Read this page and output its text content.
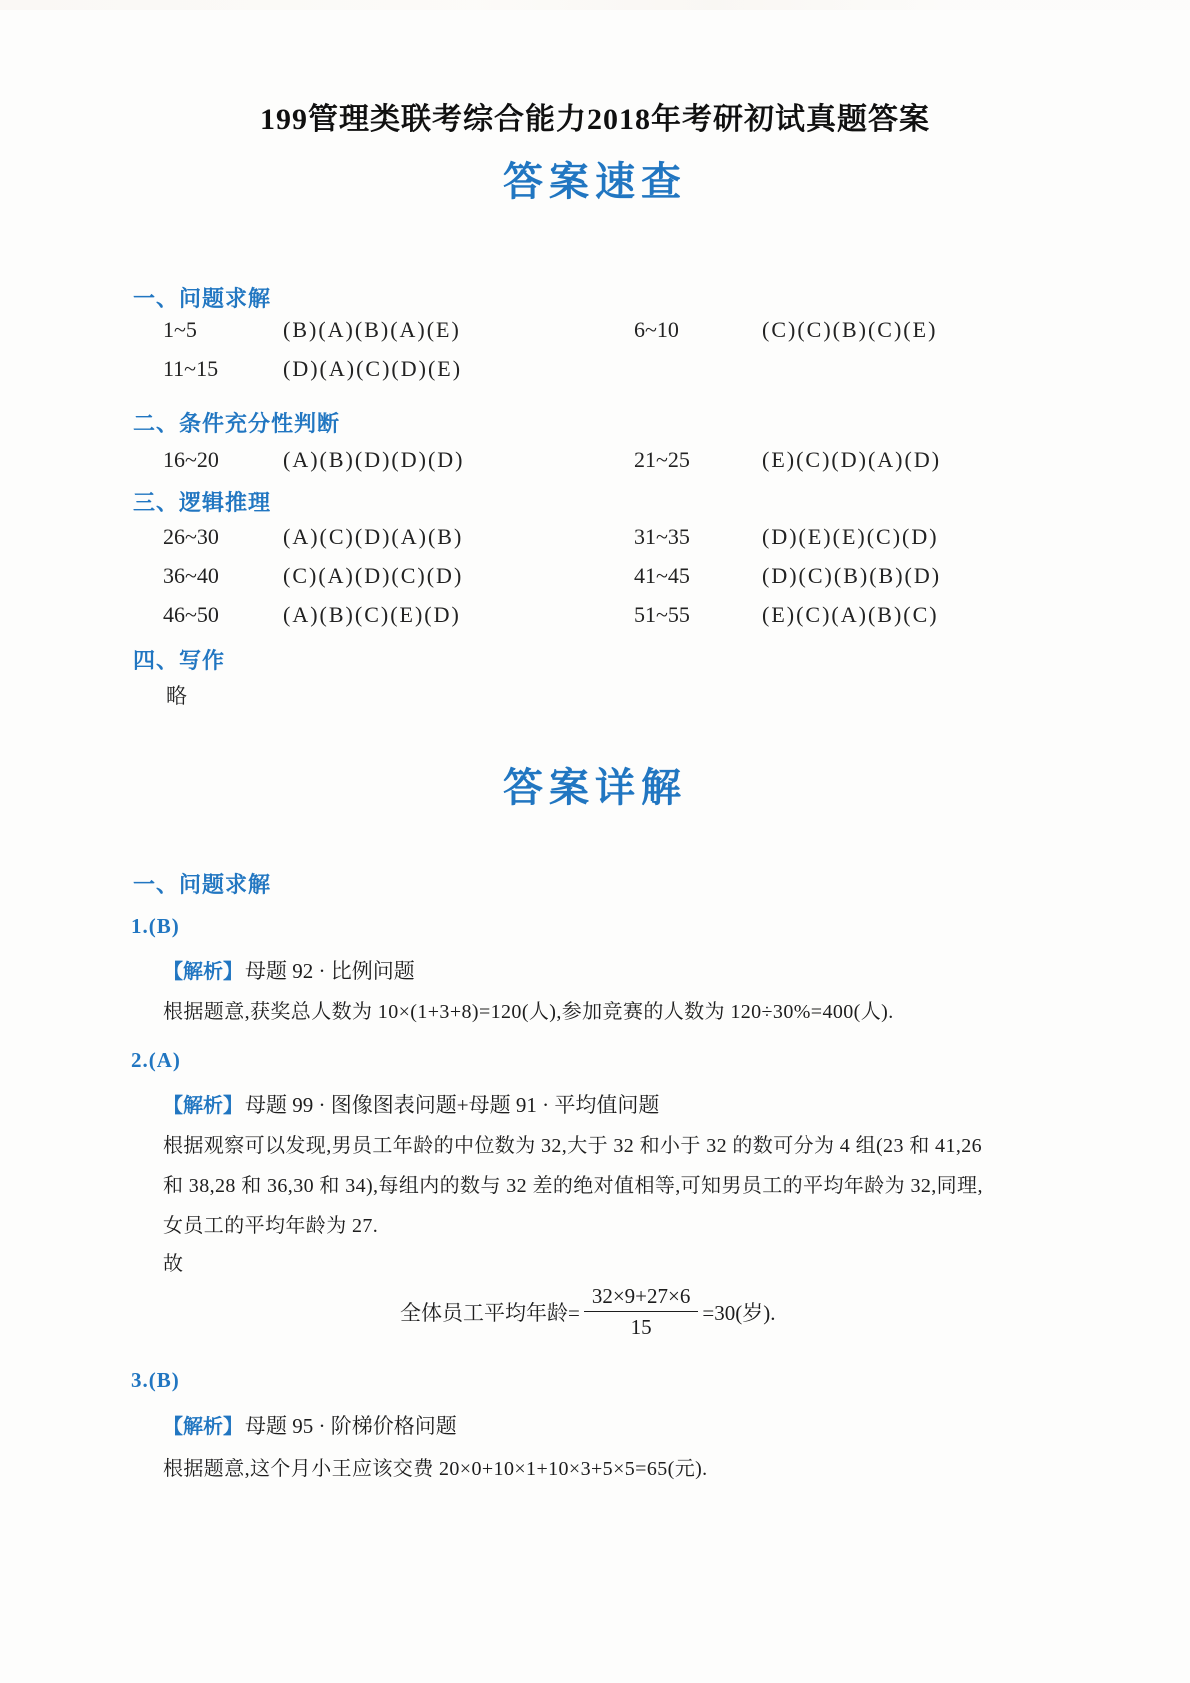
199管理类联考综合能力2018年考研初试真题答案
答案速查
一、问题求解
1~5	(B)(A)(B)(A)(E)	6~10	(C)(C)(B)(C)(E)
11~15	(D)(A)(C)(D)(E)
二、条件充分性判断
16~20	(A)(B)(D)(D)(D)	21~25	(E)(C)(D)(A)(D)
三、逻辑推理
26~30	(A)(C)(D)(A)(B)	31~35	(D)(E)(E)(C)(D)
36~40	(C)(A)(D)(C)(D)	41~45	(D)(C)(B)(B)(D)
46~50	(A)(B)(C)(E)(D)	51~55	(E)(C)(A)(B)(C)
四、写作
略
答案详解
一、问题求解
1.(B)
【解析】母题 92 · 比例问题
根据题意,获奖总人数为 10×(1+3+8)=120(人),参加竞赛的人数为 120÷30%=400(人).
2.(A)
【解析】母题 99 · 图像图表问题+母题 91 · 平均值问题
根据观察可以发现,男员工年龄的中位数为 32,大于 32 和小于 32 的数可分为 4 组(23 和 41,26
和 38,28 和 36,30 和 34),每组内的数与 32 差的绝对值相等,可知男员工的平均年龄为 32,同理,
女员工的平均年龄为 27.
故
全体员工平均年龄= $\frac{32\times 9+27\times 6}{15} =30$(岁).
3.(B)
【解析】母题 95 · 阶梯价格问题
根据题意,这个月小王应该交费 20×0+10×1+10×3+5×5=65(元).
